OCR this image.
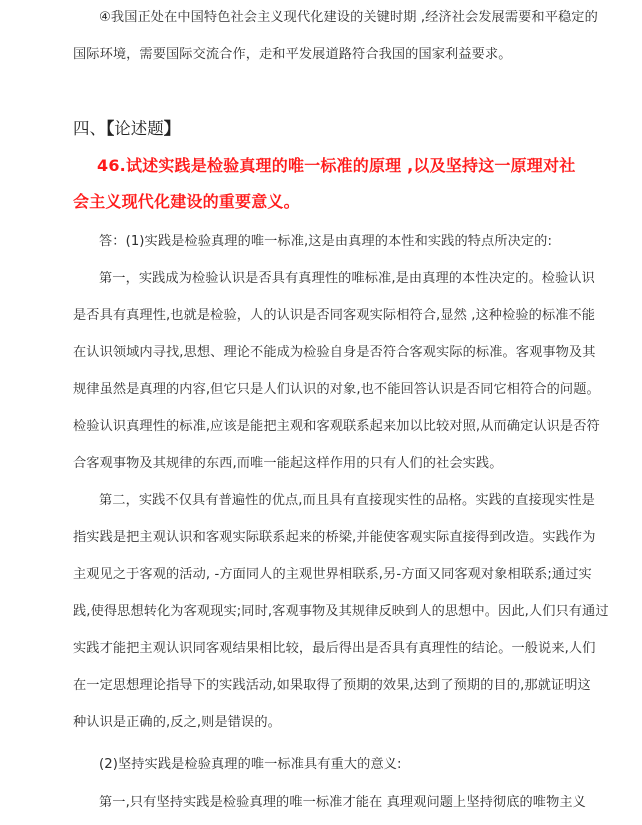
④我国正处在中国特色社会主义现代化建设的关键时期 ,经济社会发展需要和平稳定的
国际环境，需要国际交流合作，走和平发展道路符合我国的国家利益要求。
四、【论述题】
46.试述实践是检验真理的唯一标准的原理 ,以及坚持这一原理对社
会主义现代化建设的重要意义。
答：(1)实践是检验真理的唯一标准,这是由真理的本性和实践的特点所决定的:
第一，实践成为检验认识是否具有真理性的唯标准,是由真理的本性决定的。检验认识
是否具有真理性,也就是检验，人的认识是否同客观实际相符合,显然 ,这种检验的标准不能
在认识领域内寻找,思想、理论不能成为检验自身是否符合客观实际的标准。客观事物及其
规律虽然是真理的内容,但它只是人们认识的对象,也不能回答认识是否同它相符合的问题。
检验认识真理性的标准,应该是能把主观和客观联系起来加以比较对照,从而确定认识是否符
合客观事物及其规律的东西,而唯一能起这样作用的只有人们的社会实践。
第二，实践不仅具有普遍性的优点,而且具有直接现实性的品格。实践的直接现实性是
指实践是把主观认识和客观实际联系起来的桥梁,并能使客观实际直接得到改造。实践作为
主观见之于客观的活动, -方面同人的主观世界相联系,另-方面又同客观对象相联系;通过实
践,使得思想转化为客观现实;同时,客观事物及其规律反映到人的思想中。因此,人们只有通过
实践才能把主观认识同客观结果相比较，最后得出是否具有真理性的结论。一般说来,人们
在一定思想理论指导下的实践活动,如果取得了预期的效果,达到了预期的目的,那就证明这
种认识是正确的,反之,则是错误的。
(2)坚持实践是检验真理的唯一标准具有重大的意义:
第一,只有坚持实践是检验真理的唯一标准才能在 真理观问题上坚持彻底的唯物主义
